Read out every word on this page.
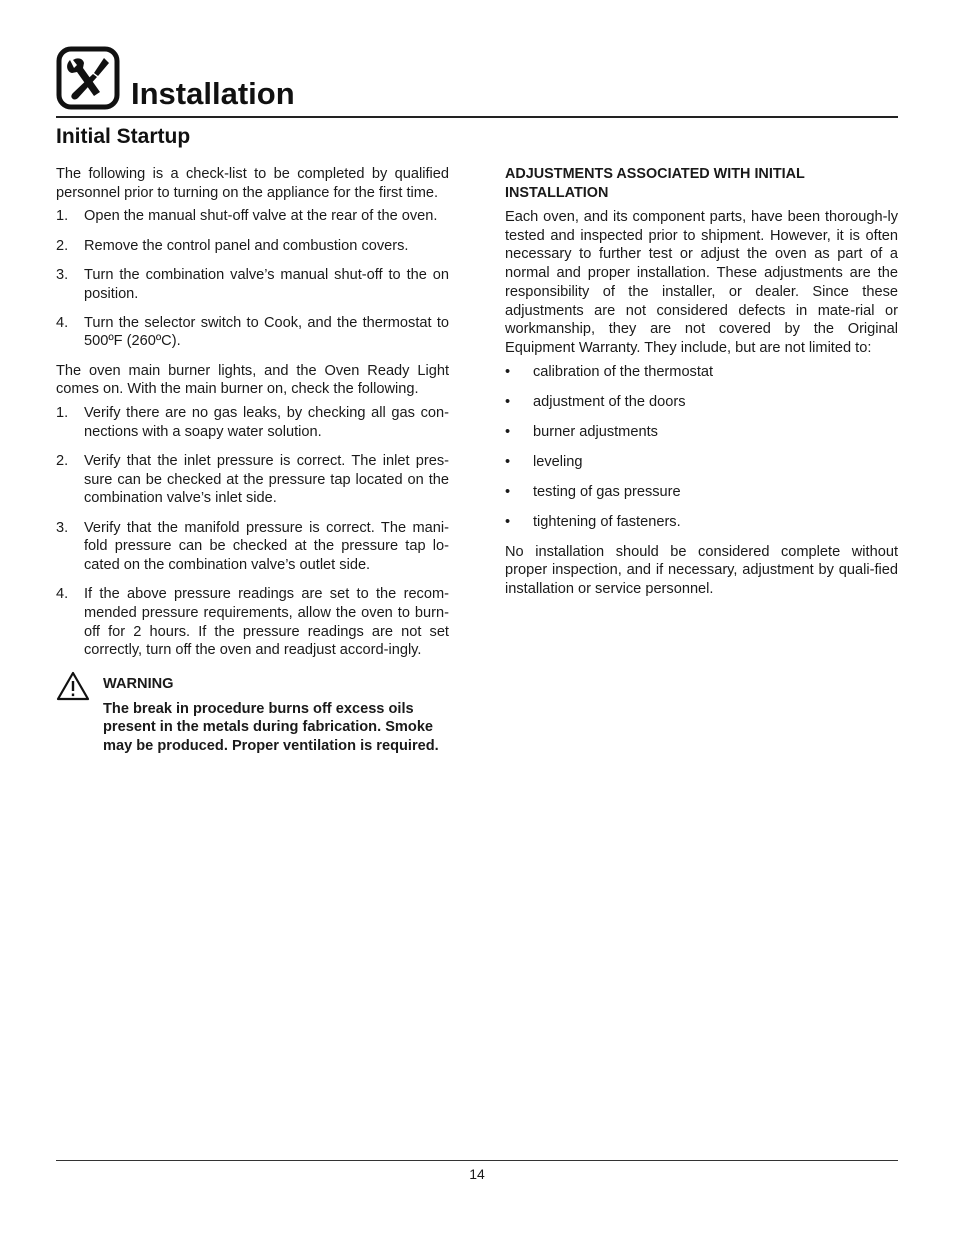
Installation
Initial Startup

The following is a check-list to be completed by qualified personnel prior to turning on the appliance for the first time.

1. Open the manual shut-off valve at the rear of the oven.
2. Remove the control panel and combustion covers.
3. Turn the combination valve’s manual shut-off to the on position.
4. Turn the selector switch to Cook, and the thermostat to 500ºF (260ºC).

The oven main burner lights, and the Oven Ready Light comes on. With the main burner on, check the following.

1. Verify there are no gas leaks, by checking all gas con-nections with a soapy water solution.
2. Verify that the inlet pressure is correct. The inlet pres-sure can be checked at the pressure tap located on the combination valve’s inlet side.
3. Verify that the manifold pressure is correct. The mani-fold pressure can be checked at the pressure tap lo-cated on the combination valve’s outlet side.
4. If the above pressure readings are set to the recom-mended pressure requirements, allow the oven to burn-off for 2 hours. If the pressure readings are not set correctly, turn off the oven and readjust accord-ingly.
WARNING
The break in procedure burns off excess oils present in the metals during fabrication. Smoke may be produced. Proper ventilation is required.
ADJUSTMENTS ASSOCIATED WITH INITIAL INSTALLATION

Each oven, and its component parts, have been thorough-ly tested and inspected prior to shipment. However, it is often necessary to further test or adjust the oven as part of a normal and proper installation. These adjustments are the responsibility of the installer, or dealer. Since these adjustments are not considered defects in mate-rial or workmanship, they are not covered by the Original Equipment Warranty. They include, but are not limited to:

• calibration of the thermostat
• adjustment of the doors
• burner adjustments
• leveling
• testing of gas pressure
• tightening of fasteners.

No installation should be considered complete without proper inspection, and if necessary, adjustment by quali-fied installation or service personnel.

14
